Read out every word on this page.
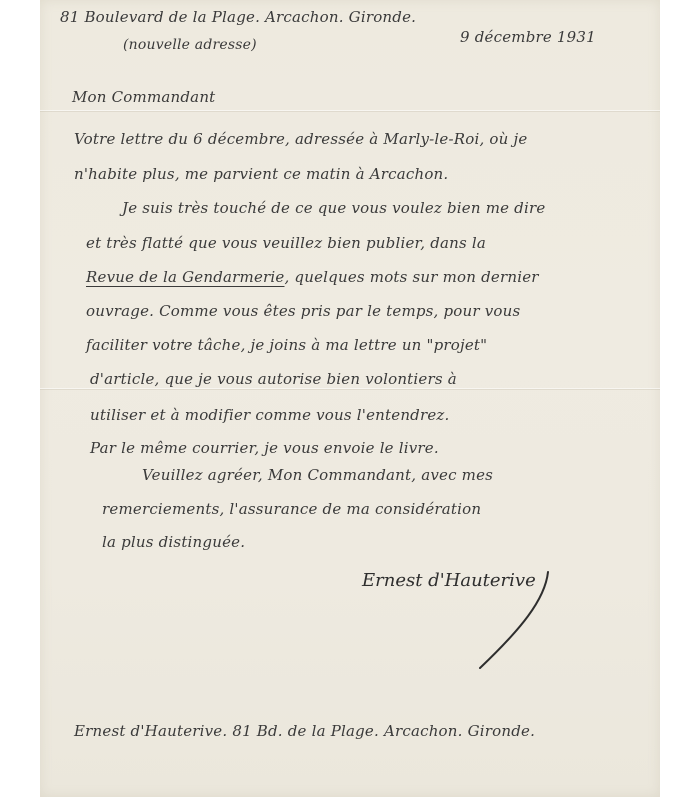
81 Boulevard de la Plage. Arcachon. Gironde.
(nouvelle adresse)	9 décembre 1931
Mon Commandant
Votre lettre du 6 décembre, adressée à Marly-le-Roi, où je
n'habite plus, me parvient ce matin à Arcachon.
Je suis très touché de ce que vous voulez bien me dire
et très flatté que vous veuillez bien publier, dans la
Revue de la Gendarmerie, quelques mots sur mon dernier
ouvrage. Comme vous êtes pris par le temps, pour vous
faciliter votre tâche, je joins à ma lettre un "projet"
d'article, que je vous autorise bien volontiers à
utiliser et à modifier comme vous l'entendrez.
Par le même courrier, je vous envoie le livre.
Veuillez agréer, Mon Commandant, avec mes
remerciements, l'assurance de ma considération
la plus distinguée.
Ernest d'Hauterive
Ernest d'Hauterive. 81 Bd. de la Plage. Arcachon. Gironde.
